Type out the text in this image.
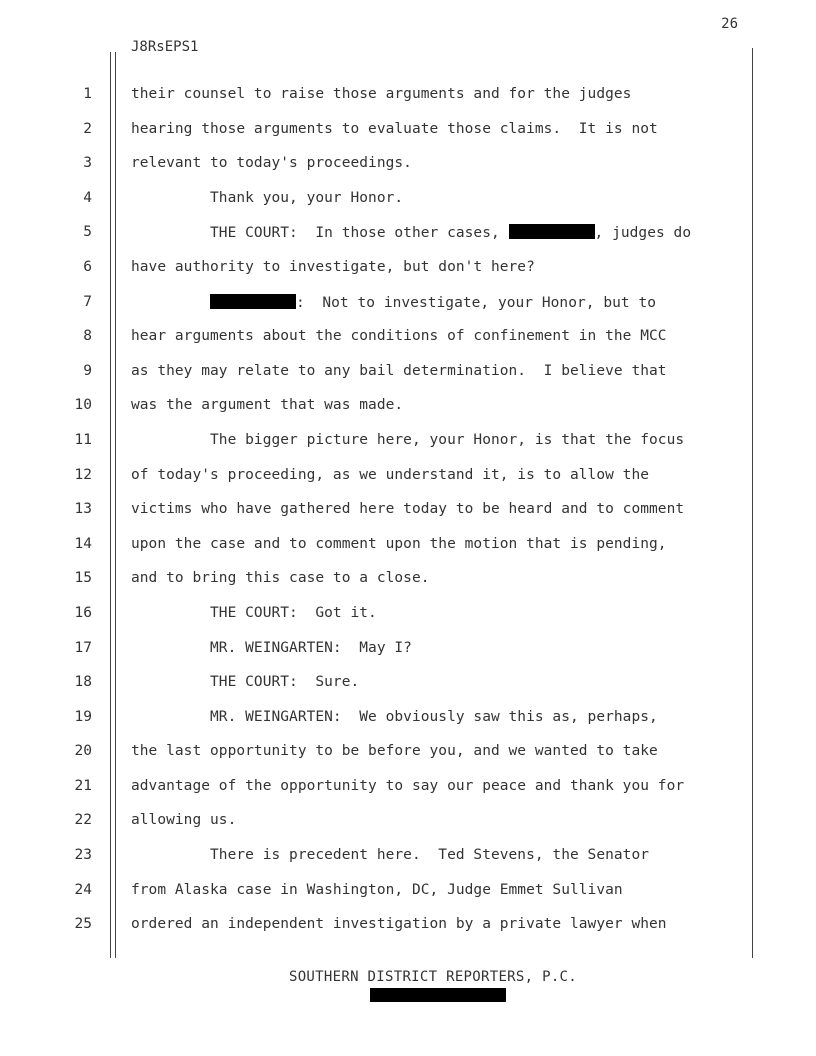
26
J8RsEPS1
1	their counsel to raise those arguments and for the judges
2	hearing those arguments to evaluate those claims.  It is not
3	relevant to today's proceedings.
4	Thank you, your Honor.
5	THE COURT:  In those other cases,	, judges do
6	have authority to investigate, but don't here?
7	:  Not to investigate, your Honor, but to
8	hear arguments about the conditions of confinement in the MCC
9	as they may relate to any bail determination.  I believe that
10	was the argument that was made.
11	The bigger picture here, your Honor, is that the focus
12	of today's proceeding, as we understand it, is to allow the
13	victims who have gathered here today to be heard and to comment
14	upon the case and to comment upon the motion that is pending,
15	and to bring this case to a close.
16	THE COURT:  Got it.
17	MR. WEINGARTEN:  May I?
18	THE COURT:  Sure.
19	MR. WEINGARTEN:  We obviously saw this as, perhaps,
20	the last opportunity to be before you, and we wanted to take
21	advantage of the opportunity to say our peace and thank you for
22	allowing us.
23	There is precedent here.  Ted Stevens, the Senator
24	from Alaska case in Washington, DC, Judge Emmet Sullivan
25	ordered an independent investigation by a private lawyer when
SOUTHERN DISTRICT REPORTERS, P.C.
